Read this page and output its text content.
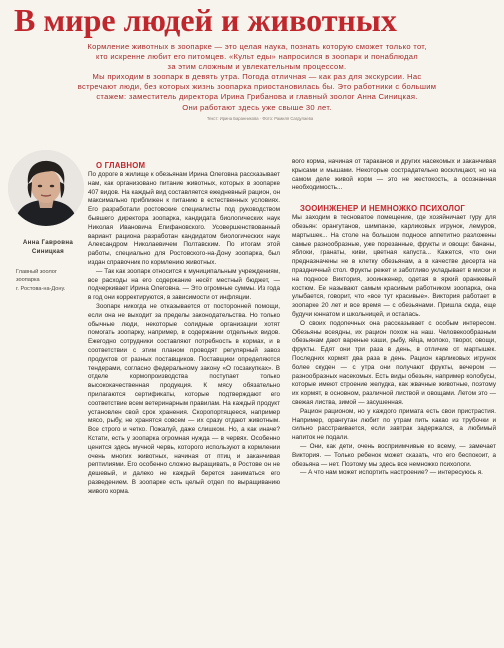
В мире людей и животных

Кормление животных в зоопарке — это целая наука, познать которую сможет только тот,

кто искренне любит его питомцев. «Культ еды» напросился в зоопарк и понаблюдал

за этим сложным и увлекательным процессом.

Мы приходим в зоопарк в девять утра. Погода отличная — как раз для экскурсии. Нас

встречают люди, без которых жизнь зоопарка приостановилась бы. Это работники с большим

стажем: заместитель директора Ирина Грибанова и главный зоолог Анна Синицкая.

Они работают здесь уже свыше 30 лет.

Текст: Ирина Баранникова · Фото: Рамиля Сагдулаева
Анна Гавровна
Синицкая
Главный зоолог
зоопарка
г. Ростова-на-Дону.

О ГЛАВНОМ

По дороге в жилище к обезьянам Ирина Олеговна рассказывает нам, как организовано питание животных, которых в зоопарке 407 видов. На каждый вид составляется ежедневный рацион, он максимально приближен к питанию в естественных условиях. Его разработали ростовские специалисты под руководством бывшего директора зоопарка, кандидата биологических наук Николая Ивановича Епифановского. Усовершенствованный вариант рациона разработан кандидатом биологических наук Александром Николаевичем Полтавским. По итогам этой работы, специально для Ростовского-на-Дону зоопарка, был издан справочник по кормлению животных.

— Так как зоопарк относится к муниципальным учреждениям, все расходы на его содержание несёт местный бюджет, — подчеркивает Ирина Олеговна. — Это огромные суммы. Из года в год они корректируются, в зависимости от инфляции.

Зоопарк никогда не отказывается от посторонней помощи, если она не выходит за пределы законодательства. Но только обычные люди, некоторые солидные организации хотят помогать зоопарку, например, в содержании отдельных видов. Ежегодно сотрудники составляют потребность в кормах, и в соответствии с этим планом проводят регулярный завоз продуктов от разных поставщиков. Поставщики определяются тендерами, согласно федеральному закону «О госзакупках». В отделе кормопроизводства поступает только высококачественная продукция. К мясу обязательно прилагаются сертификаты, которые подтверждают его соответствие всем ветеринарным правилам. На каждый продукт установлен свой срок хранения. Скоропортящееся, например мясо, рыбу, не хранятся совсем — их сразу отдают животным. Все строго и четко. Пожалуй, даже слишком. Но, а как иначе? Кстати, есть у зоопарка огромная нужда — в червях. Особенно ценится здесь мучной червь, которого используют в кормлении очень многих животных, начиная от птиц и заканчивая рептилиями. Его особенно сложно выращивать, в Ростове он не дешевый, и далеко не каждый берется заниматься его разведением. В зоопарке есть целый отдел по выращиванию живого корма.

вого корма, начиная от тараканов и других насекомых и заканчивая крысами и мышами. Некоторые сострадательно восклицают, но на самом деле живой корм — это не жестокость, а осознанная необходимость...

ЗООИНЖЕНЕР И НЕМНОЖКО ПСИХОЛОГ

Мы заходим в тесноватое помещение, где хозяйничает гуру для обезьян: орангутанов, шимпанзе, карликовых игрунок, лемуров, мартышек... На столе на большом подносе аппетитно разложены самые разнообразные, уже порезанные, фрукты и овощи: бананы, яблоки, гранаты, киви, цветная капуста... Кажется, что они предназначены не в клетку обезьянам, а в качестве десерта на праздничный стол. Фрукты режет и заботливо укладывает в миски и на подносе Виктория, зооинженер, одетая в яркий оранжевый костюм. Ее называют самым красивым работником зоопарка, она улыбается, говорит, что «все тут красивые». Виктория работает в зоопарке 20 лет и все время — с обезьянами. Пришла сюда, еще будучи юннатом и школьницей, и осталась.

О своих подопечных она рассказывает с особым интересом. Обезьяны всеядны, их рацион похож на наш. Человекообразным обезьянам дают вареные каши, рыбу, яйца, молоко, творог, овощи, фрукты. Едят они три раза в день, в отличие от мартышек. Последних кормят два раза в день. Рацион карликовых игрунок более скуден — с утра они получают фрукты, вечером — разнообразных насекомых. Есть виды обезьян, например колобусы, которые имеют строение желудка, как жвачные животные, поэтому их кормят, в основном, различной листвой и овощами. Летом это — свежая листва, зимой — засушенная.

Рацион рационом, но у каждого примата есть свои пристрастия. Например, орангутан любит по утрам пить какао из трубочки и сильно расстраивается, если завтрак задержался, а любимый напиток не подали.

— Они, как дети, очень восприимчивые ко всему, — замечает Виктория. — Только ребенок может сказать, что его беспокоит, а обезьяна — нет. Поэтому мы здесь все немножко психологи.

— А что нам может испортить настроение? — интересуюсь я.
